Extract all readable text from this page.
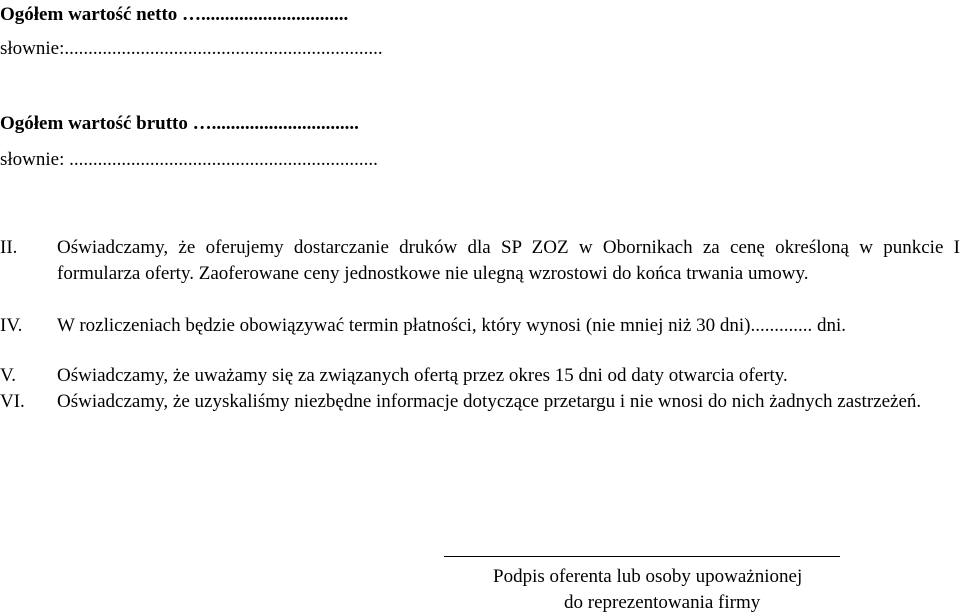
Ogółem wartość netto …...............................
słownie:...................................................................
Ogółem wartość brutto …...............................
słownie: .................................................................
II.	Oświadczamy, że oferujemy dostarczanie druków dla SP ZOZ w Obornikach za cenę określoną w punkcie I formularza oferty. Zaoferowane ceny jednostkowe nie ulegną wzrostowi do końca trwania umowy.
IV.	W rozliczeniach będzie obowiązywać termin płatności, który wynosi (nie mniej niż 30 dni)............. dni.
V.	Oświadczamy, że uważamy się za związanych ofertą przez okres 15 dni od daty otwarcia oferty.
VI.	Oświadczamy, że uzyskaliśmy niezbędne informacje dotyczące przetargu i nie wnosi do nich żadnych zastrzeżeń.
Podpis oferenta lub osoby upoważnionej
do reprezentowania firmy
